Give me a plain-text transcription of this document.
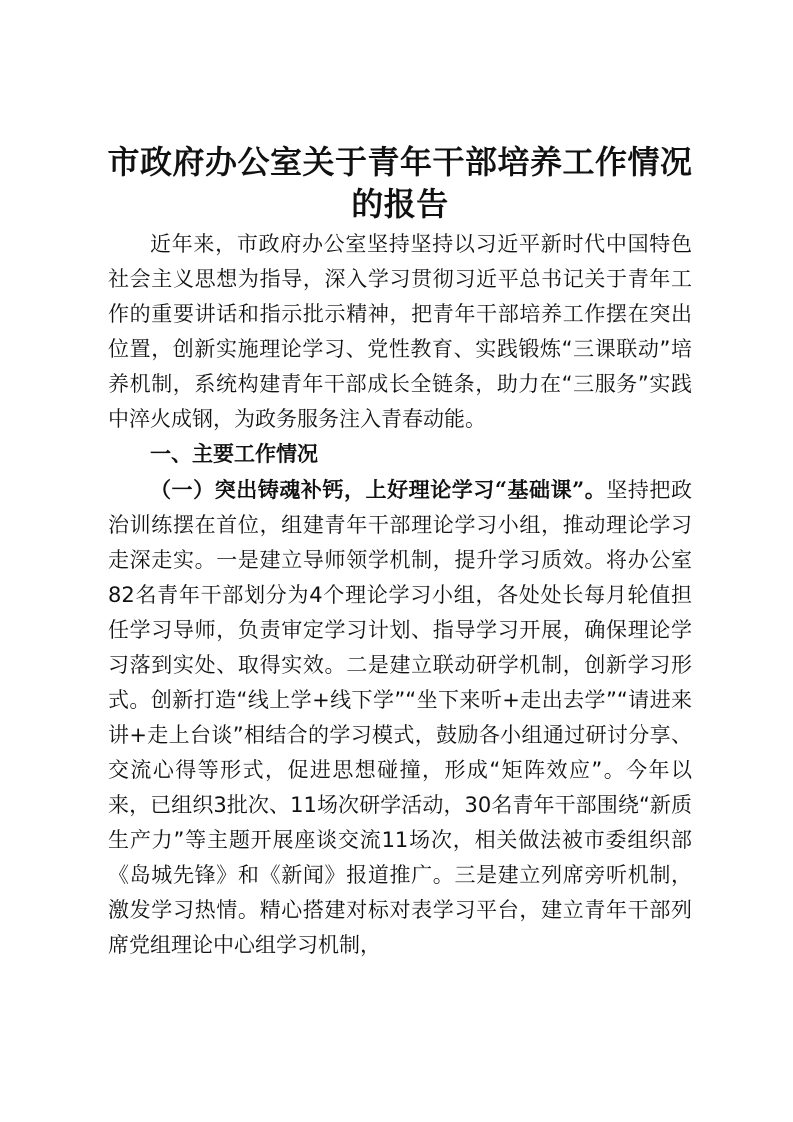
市政府办公室关于青年干部培养工作情况的报告

近年来，市政府办公室坚持坚持以习近平新时代中国特色社会主义思想为指导，深入学习贯彻习近平总书记关于青年工作的重要讲话和指示批示精神，把青年干部培养工作摆在突出位置，创新实施理论学习、党性教育、实践锻炼“三课联动”培养机制，系统构建青年干部成长全链条，助力在“三服务”实践中淬火成钢，为政务服务注入青春动能。

一、主要工作情况

（一）突出铸魂补钙，上好理论学习“基础课”。坚持把政治训练摆在首位，组建青年干部理论学习小组，推动理论学习走深走实。一是建立导师领学机制，提升学习质效。将办公室82名青年干部划分为4个理论学习小组，各处处长每月轮值担任学习导师，负责审定学习计划、指导学习开展，确保理论学习落到实处、取得实效。二是建立联动研学机制，创新学习形式。创新打造“线上学+线下学”“坐下来听+走出去学”“请进来讲+走上台谈”相结合的学习模式，鼓励各小组通过研讨分享、交流心得等形式，促进思想碰撞，形成“矩阵效应”。今年以来，已组织3批次、11场次研学活动，30名青年干部围绕“新质生产力”等主题开展座谈交流11场次，相关做法被市委组织部《岛城先锋》和《新闻》报道推广。三是建立列席旁听机制，激发学习热情。精心搭建对标对表学习平台，建立青年干部列席党组理论中心组学习机制，
